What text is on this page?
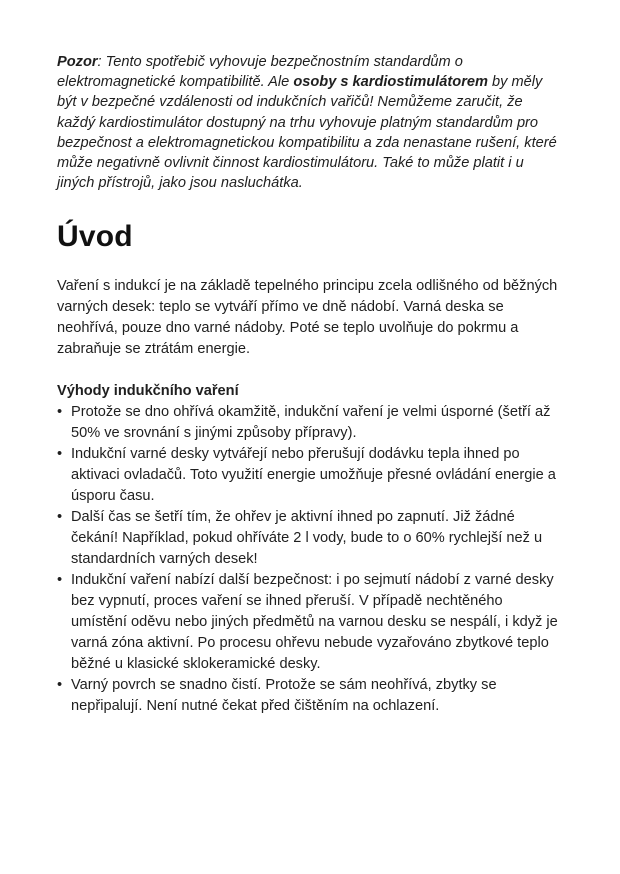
Pozor: Tento spotřebič vyhovuje bezpečnostním standardům o elektromagnetické kompatibilitě. Ale osoby s kardiostimulátorem by měly být v bezpečné vzdálenosti od indukčních vařičů! Nemůžeme zaručit, že každý kardiostimulátor dostupný na trhu vyhovuje platným standardům pro bezpečnost a elektromagnetickou kompatibilitu a zda nenastane rušení, které může negativně ovlivnit činnost kardiostimulátoru. Také to může platit i u jiných přístrojů, jako jsou nasluchátka.

Úvod

Vaření s indukcí je na základě tepelného principu zcela odlišného od běžných varných desek: teplo se vytváří přímo ve dně nádobí. Varná deska se neohřívá, pouze dno varné nádoby. Poté se teplo uvolňuje do pokrmu a zabraňuje se ztrátám energie.

Výhody indukčního vaření

• Protože se dno ohřívá okamžitě, indukční vaření je velmi úsporné (šetří až 50% ve srovnání s jinými způsoby přípravy).
• Indukční varné desky vytvářejí nebo přerušují dodávku tepla ihned po aktivaci ovladačů. Toto využití energie umožňuje přesné ovládání energie a úsporu času.
• Další čas se šetří tím, že ohřev je aktivní ihned po zapnutí. Již žádné čekání! Například, pokud ohříváte 2 l vody, bude to o 60% rychlejší než u standardních varných desek!
• Indukční vaření nabízí další bezpečnost: i po sejmutí nádobí z varné desky bez vypnutí, proces vaření se ihned přeruší. V případě nechtěného umístění oděvu nebo jiných předmětů na varnou desku se nespálí, i když je varná zóna aktivní. Po procesu ohřevu nebude vyzařováno zbytkové teplo běžné u klasické sklokeramické desky.
• Varný povrch se snadno čistí. Protože se sám neohřívá, zbytky se nepřipalují. Není nutné čekat před čištěním na ochlazení.
